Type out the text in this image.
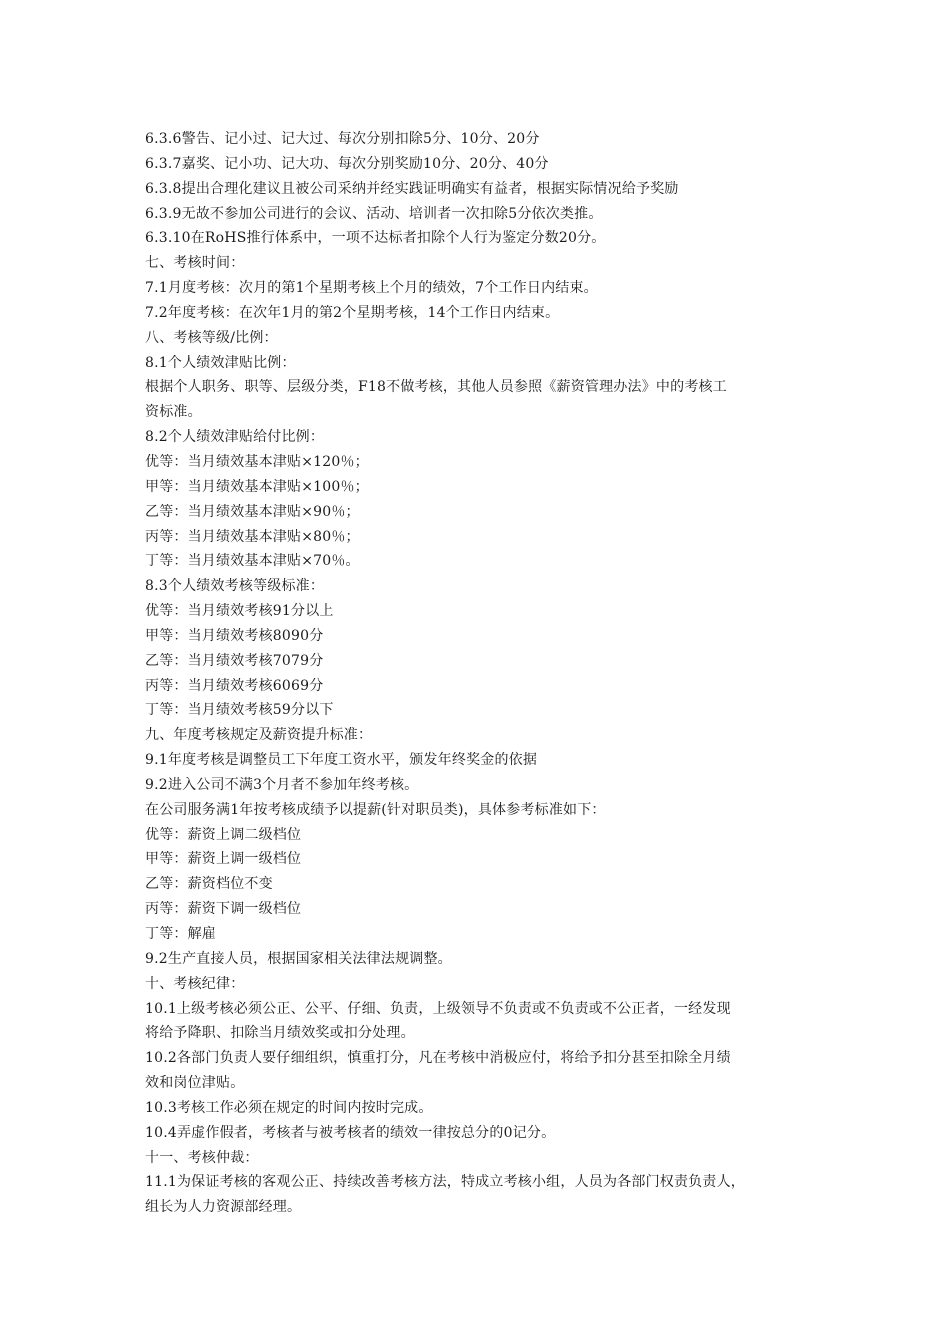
6.3.6警告、记小过、记大过、每次分别扣除5分、10分、20分
6.3.7嘉奖、记小功、记大功、每次分别奖励10分、20分、40分
6.3.8提出合理化建议且被公司采纳并经实践证明确实有益者，根据实际情况给予奖励
6.3.9无故不参加公司进行的会议、活动、培训者一次扣除5分依次类推。
6.3.10在RoHS推行体系中，一项不达标者扣除个人行为鉴定分数20分。
七、考核时间：
7.1月度考核：次月的第1个星期考核上个月的绩效，7个工作日内结束。
7.2年度考核：在次年1月的第2个星期考核，14个工作日内结束。
八、考核等级/比例：
8.1个人绩效津贴比例：
根据个人职务、职等、层级分类，F18不做考核，其他人员参照《薪资管理办法》中的考核工
资标准。
8.2个人绩效津贴给付比例：
优等：当月绩效基本津贴×120％；
甲等：当月绩效基本津贴×100％；
乙等：当月绩效基本津贴×90％；
丙等：当月绩效基本津贴×80％；
丁等：当月绩效基本津贴×70％。
8.3个人绩效考核等级标准：
优等：当月绩效考核91分以上
甲等：当月绩效考核8090分
乙等：当月绩效考核7079分
丙等：当月绩效考核6069分
丁等：当月绩效考核59分以下
九、年度考核规定及薪资提升标准：
9.1年度考核是调整员工下年度工资水平，颁发年终奖金的依据
9.2进入公司不满3个月者不参加年终考核。
在公司服务满1年按考核成绩予以提薪(针对职员类)，具体参考标准如下：
优等：薪资上调二级档位
甲等：薪资上调一级档位
乙等：薪资档位不变
丙等：薪资下调一级档位
丁等：解雇
9.2生产直接人员，根据国家相关法律法规调整。
十、考核纪律：
10.1上级考核必须公正、公平、仔细、负责，上级领导不负责或不负责或不公正者，一经发现
将给予降职、扣除当月绩效奖或扣分处理。
10.2各部门负责人要仔细组织，慎重打分，凡在考核中消极应付，将给予扣分甚至扣除全月绩
效和岗位津贴。
10.3考核工作必须在规定的时间内按时完成。
10.4弄虚作假者，考核者与被考核者的绩效一律按总分的0记分。
十一、考核仲裁：
11.1为保证考核的客观公正、持续改善考核方法，特成立考核小组，人员为各部门权责负责人，
组长为人力资源部经理。
